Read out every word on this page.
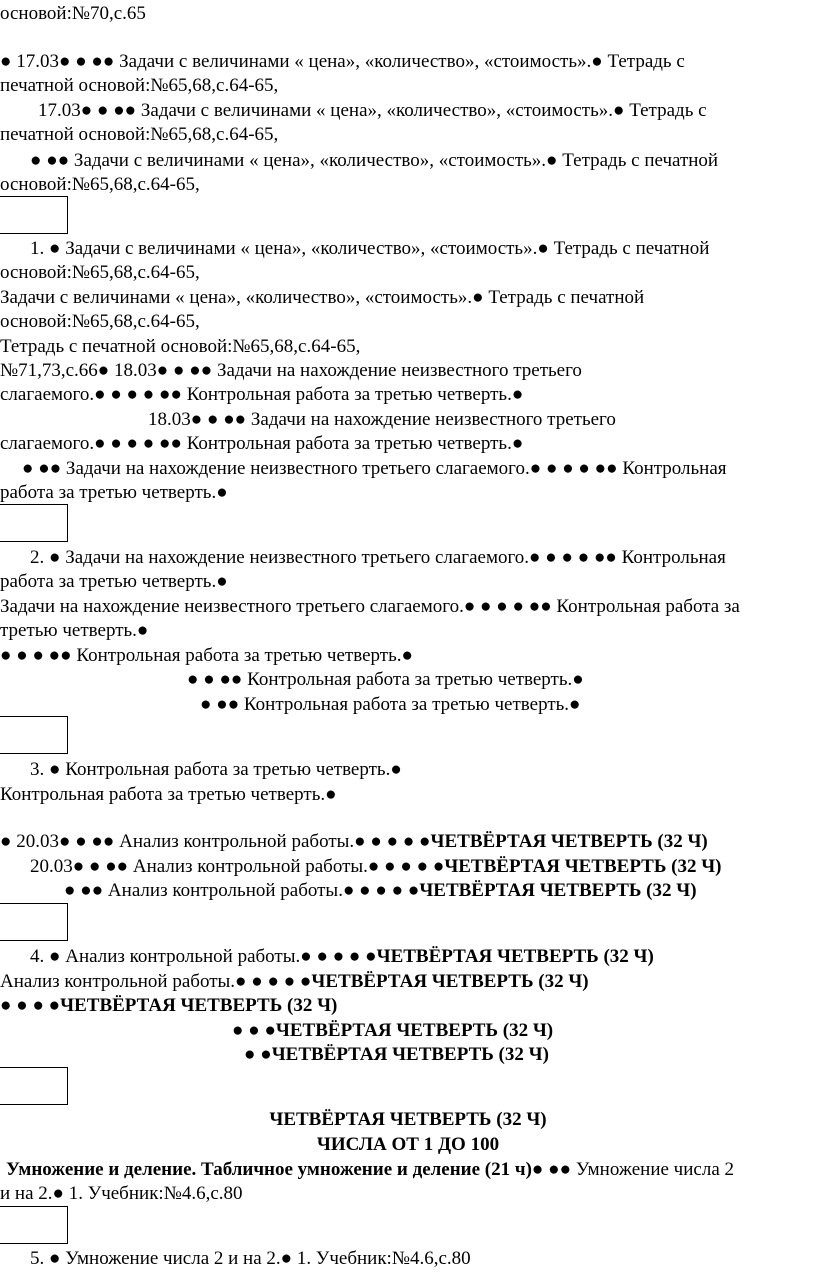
основой:№70,с.65
● 17.03● ● ●● Задачи с величинами « цена», «количество», «стоимость».● Тетрадь с
печатной основой:№65,68,с.64-65,
17.03● ● ●● Задачи с величинами « цена», «количество», «стоимость».● Тетрадь с
печатной основой:№65,68,с.64-65,
● ●● Задачи с величинами « цена», «количество», «стоимость».● Тетрадь с печатной
основой:№65,68,с.64-65,
1. ● Задачи с величинами « цена», «количество», «стоимость».● Тетрадь с печатной
основой:№65,68,с.64-65,
Задачи с величинами « цена», «количество», «стоимость».● Тетрадь с печатной
основой:№65,68,с.64-65,
Тетрадь с печатной основой:№65,68,с.64-65,
№71,73,с.66● 18.03● ● ●● Задачи на нахождение неизвестного третьего
слагаемого.● ● ● ● ●● Контрольная работа за третью четверть.●
18.03● ● ●● Задачи на нахождение неизвестного третьего
слагаемого.● ● ● ● ●● Контрольная работа за третью четверть.●
● ●● Задачи на нахождение неизвестного третьего слагаемого.● ● ● ● ●● Контрольная
работа за третью четверть.●
2. ● Задачи на нахождение неизвестного третьего слагаемого.● ● ● ● ●● Контрольная
работа за третью четверть.●
Задачи на нахождение неизвестного третьего слагаемого.● ● ● ● ●● Контрольная работа за
третью четверть.●
● ● ● ●● Контрольная работа за третью четверть.●
● ● ●● Контрольная работа за третью четверть.●
● ●● Контрольная работа за третью четверть.●
3. ● Контрольная работа за третью четверть.●
Контрольная работа за третью четверть.●
● 20.03● ● ●● Анализ контрольной работы.● ● ● ● ●ЧЕТВЁРТАЯ ЧЕТВЕРТЬ (32 Ч)
20.03● ● ●● Анализ контрольной работы.● ● ● ● ●ЧЕТВЁРТАЯ ЧЕТВЕРТЬ (32 Ч)
● ●● Анализ контрольной работы.● ● ● ● ●ЧЕТВЁРТАЯ ЧЕТВЕРТЬ (32 Ч)
4. ● Анализ контрольной работы.● ● ● ● ●ЧЕТВЁРТАЯ ЧЕТВЕРТЬ (32 Ч)
Анализ контрольной работы.● ● ● ● ●ЧЕТВЁРТАЯ ЧЕТВЕРТЬ (32 Ч)
● ● ● ●ЧЕТВЁРТАЯ ЧЕТВЕРТЬ (32 Ч)
● ● ●ЧЕТВЁРТАЯ ЧЕТВЕРТЬ (32 Ч)
● ●ЧЕТВЁРТАЯ ЧЕТВЕРТЬ (32 Ч)
ЧЕТВЁРТАЯ ЧЕТВЕРТЬ (32 Ч)
ЧИСЛА ОТ 1 ДО 100
Умножение и деление. Табличное умножение и деление (21 ч)● ●● Умножение числа 2
и на 2.● 1. Учебник:№4.6,с.80
5. ● Умножение числа 2 и на 2.● 1. Учебник:№4.6,с.80
